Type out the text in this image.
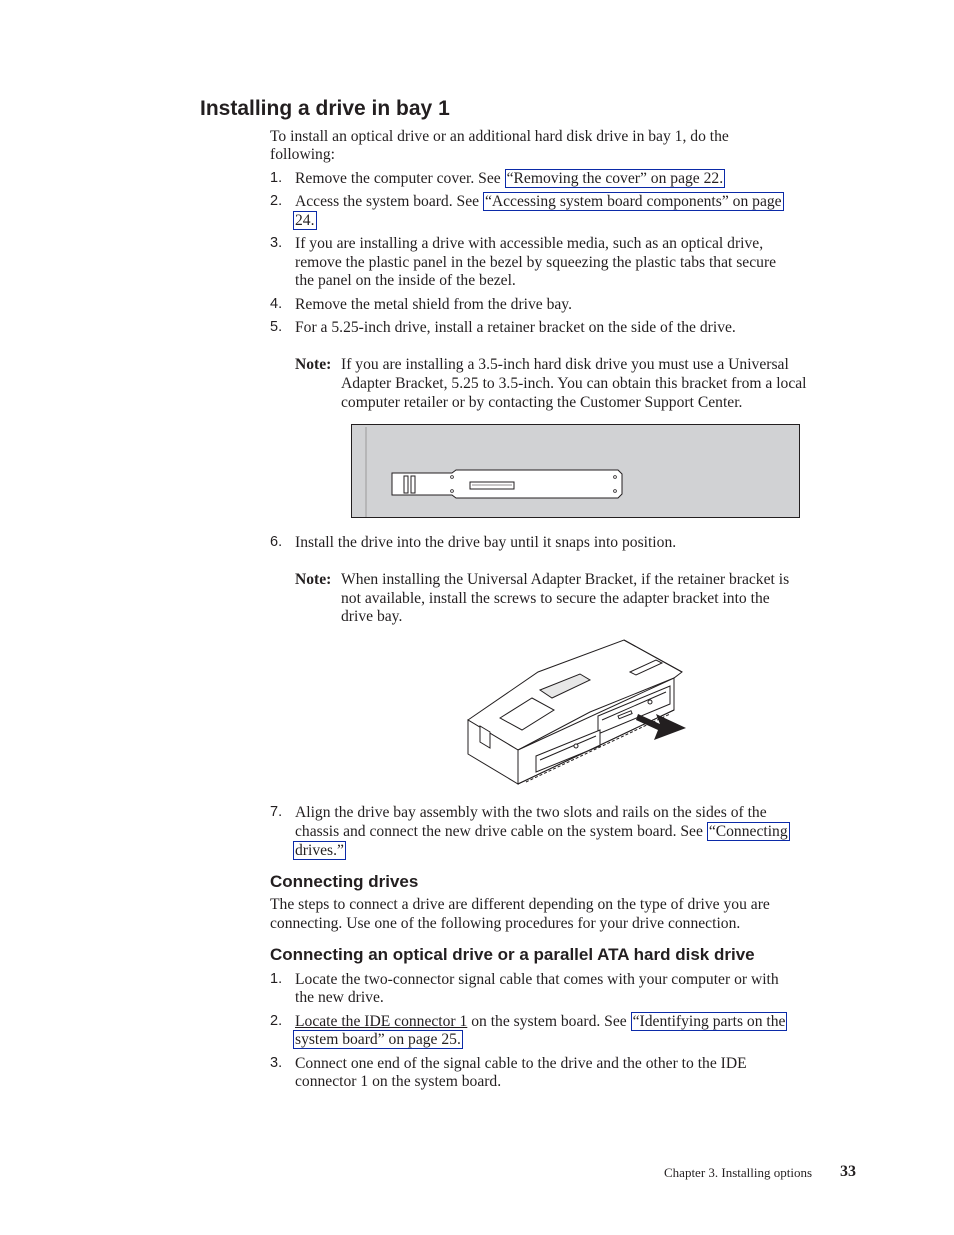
Installing a drive in bay 1
To install an optical drive or an additional hard disk drive in bay 1, do the
following:
1. Remove the computer cover. See “Removing the cover” on page 22.
2. Access the system board. See “Accessing system board components” on page
24.
3. If you are installing a drive with accessible media, such as an optical drive,
remove the plastic panel in the bezel by squeezing the plastic tabs that secure
the panel on the inside of the bezel.
4. Remove the metal shield from the drive bay.
5. For a 5.25-inch drive, install a retainer bracket on the side of the drive.
Note: If you are installing a 3.5-inch hard disk drive you must use a Universal
Adapter Bracket, 5.25 to 3.5-inch. You can obtain this bracket from a local
computer retailer or by contacting the Customer Support Center.
6. Install the drive into the drive bay until it snaps into position.
Note: When installing the Universal Adapter Bracket, if the retainer bracket is
not available, install the screws to secure the adapter bracket into the
drive bay.
7. Align the drive bay assembly with the two slots and rails on the sides of the
chassis and connect the new drive cable on the system board. See “Connecting
drives.”
Connecting drives
The steps to connect a drive are different depending on the type of drive you are
connecting. Use one of the following procedures for your drive connection.
Connecting an optical drive or a parallel ATA hard disk drive
1. Locate the two-connector signal cable that comes with your computer or with
the new drive.
2. Locate the IDE connector 1 on the system board. See “Identifying parts on the
system board” on page 25.
3. Connect one end of the signal cable to the drive and the other to the IDE
connector 1 on the system board.
Chapter 3. Installing options 33
